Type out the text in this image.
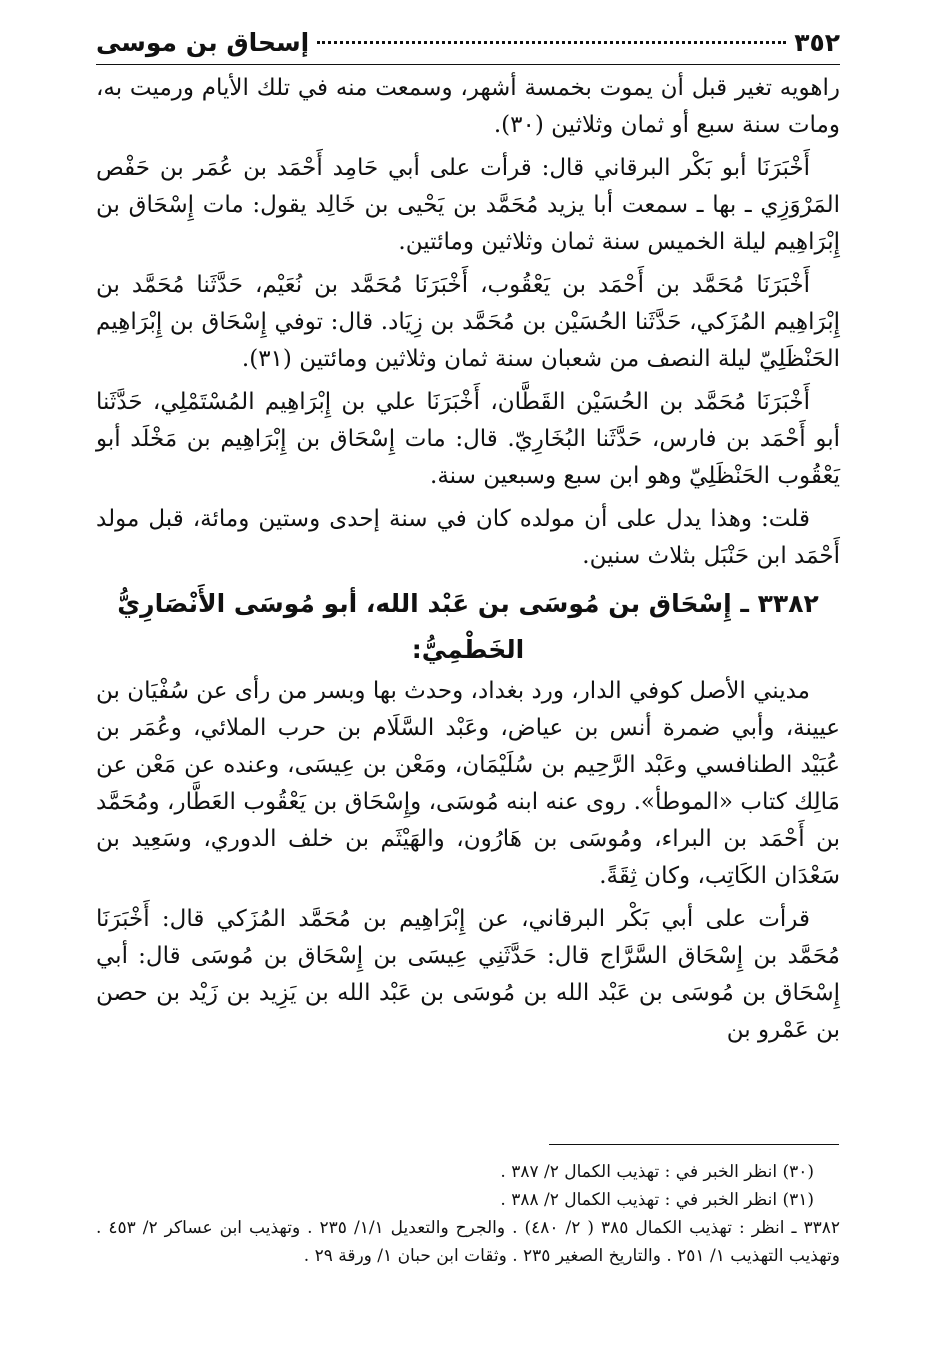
٣٥٢
إسحاق بن موسى

راهويه تغير قبل أن يموت بخمسة أشهر، وسمعت منه في تلك الأيام ورميت به، ومات سنة سبع أو ثمان وثلاثين (٣٠).

أَخْبَرَنَا أبو بَكْر البرقاني قال: قرأت على أبي حَامِد أَحْمَد بن عُمَر بن حَفْص المَرْوَزِي ـ بها ـ سمعت أبا يزيد مُحَمَّد بن يَحْيى بن خَالِد يقول: مات إِسْحَاق بن إِبْرَاهِيم ليلة الخميس سنة ثمان وثلاثين ومائتين.

أَخْبَرَنَا مُحَمَّد بن أَحْمَد بن يَعْقُوب، أَخْبَرَنَا مُحَمَّد بن نُعَيْم، حَدَّثَنا مُحَمَّد بن إِبْرَاهِيم المُزَكي، حَدَّثَنا الحُسَيْن بن مُحَمَّد بن زِيَاد. قال: توفي إِسْحَاق بن إِبْرَاهِيم الحَنْظَلِيّ ليلة النصف من شعبان سنة ثمان وثلاثين ومائتين (٣١).

أَخْبَرَنَا مُحَمَّد بن الحُسَيْن القَطَّان، أَخْبَرَنَا علي بن إِبْرَاهِيم المُسْتَمْلِي، حَدَّثَنا أبو أَحْمَد بن فارس، حَدَّثَنا البُخَارِيّ. قال: مات إِسْحَاق بن إِبْرَاهِيم بن مَخْلَد أبو يَعْقُوب الحَنْظَلِيّ وهو ابن سبع وسبعين سنة.

قلت: وهذا يدل على أن مولده كان في سنة إحدى وستين ومائة، قبل مولد أَحْمَد ابن حَنْبَل بثلاث سنين.

٣٣٨٢ ـ إِسْحَاق بن مُوسَى بن عَبْد الله، أبو مُوسَى الأَنْصَارِيُّ الخَطْمِيُّ:

مديني الأصل كوفي الدار، ورد بغداد، وحدث بها وبسر من رأى عن سُفْيَان بن عيينة، وأبي ضمرة أنس بن عياض، وعَبْد السَّلَام بن حرب الملائي، وعُمَر بن عُبَيْد الطنافسي وعَبْد الرَّحِيم بن سُلَيْمَان، ومَعْن بن عِيسَى، وعنده عن مَعْن عن مَالِك كتاب «الموطأ». روى عنه ابنه مُوسَى، وإِسْحَاق بن يَعْقُوب العَطَّار، ومُحَمَّد بن أَحْمَد بن البراء، ومُوسَى بن هَارُون، والهَيْثَم بن خلف الدوري، وسَعِيد بن سَعْدَان الكَاتِب، وكان ثِقَةً.

قرأت على أبي بَكْر البرقاني، عن إِبْرَاهِيم بن مُحَمَّد المُزَكي قال: أَخْبَرَنَا مُحَمَّد بن إِسْحَاق السَّرَّاج قال: حَدَّثَنِي عِيسَى بن إِسْحَاق بن مُوسَى قال: أبي إِسْحَاق بن مُوسَى بن عَبْد الله بن مُوسَى بن عَبْد الله بن يَزِيد بن زَيْد بن حصن بن عَمْرو بن

(٣٠) انظر الخبر في : تهذيب الكمال ٢/ ٣٨٧ .

(٣١) انظر الخبر في : تهذيب الكمال ٢/ ٣٨٨ .

٣٣٨٢ ـ انظر : تهذيب الكمال ٣٨٥ ( ٢/ ٤٨٠) . والجرح والتعديل ١/١/ ٢٣٥ . وتهذيب ابن عساكر ٢/ ٤٥٣ . وتهذيب التهذيب ١/ ٢٥١ . والتاريخ الصغير ٢٣٥ . وثقات ابن حبان ١/ ورقة ٢٩ .
